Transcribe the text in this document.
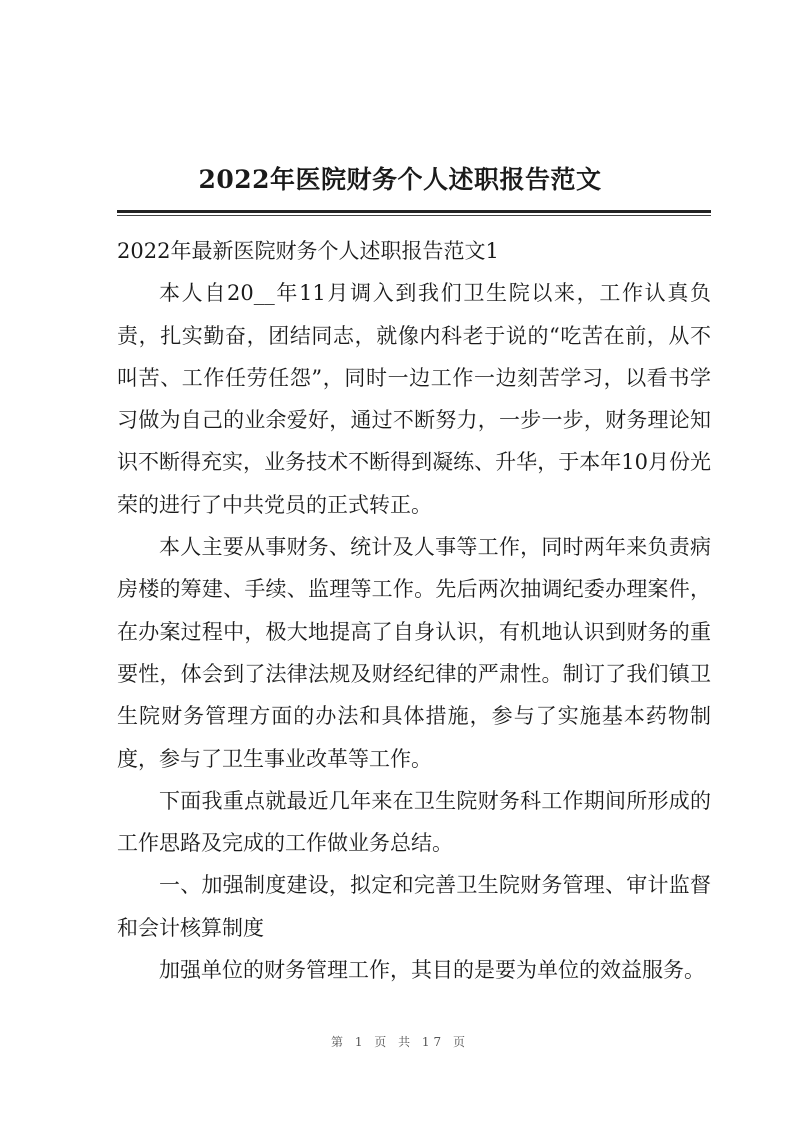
2022年医院财务个人述职报告范文

2022年最新医院财务个人述职报告范文1

本人自20__年11月调入到我们卫生院以来，工作认真负责，扎实勤奋，团结同志，就像内科老于说的“吃苦在前，从不叫苦、工作任劳任怨”，同时一边工作一边刻苦学习，以看书学习做为自己的业余爱好，通过不断努力，一步一步，财务理论知识不断得充实，业务技术不断得到凝练、升华，于本年10月份光荣的进行了中共党员的正式转正。

本人主要从事财务、统计及人事等工作，同时两年来负责病房楼的筹建、手续、监理等工作。先后两次抽调纪委办理案件，在办案过程中，极大地提高了自身认识，有机地认识到财务的重要性，体会到了法律法规及财经纪律的严肃性。制订了我们镇卫生院财务管理方面的办法和具体措施，参与了实施基本药物制度，参与了卫生事业改革等工作。

下面我重点就最近几年来在卫生院财务科工作期间所形成的工作思路及完成的工作做业务总结。

一、加强制度建设，拟定和完善卫生院财务管理、审计监督和会计核算制度

加强单位的财务管理工作，其目的是要为单位的效益服务。

第 1 页 共 17 页
